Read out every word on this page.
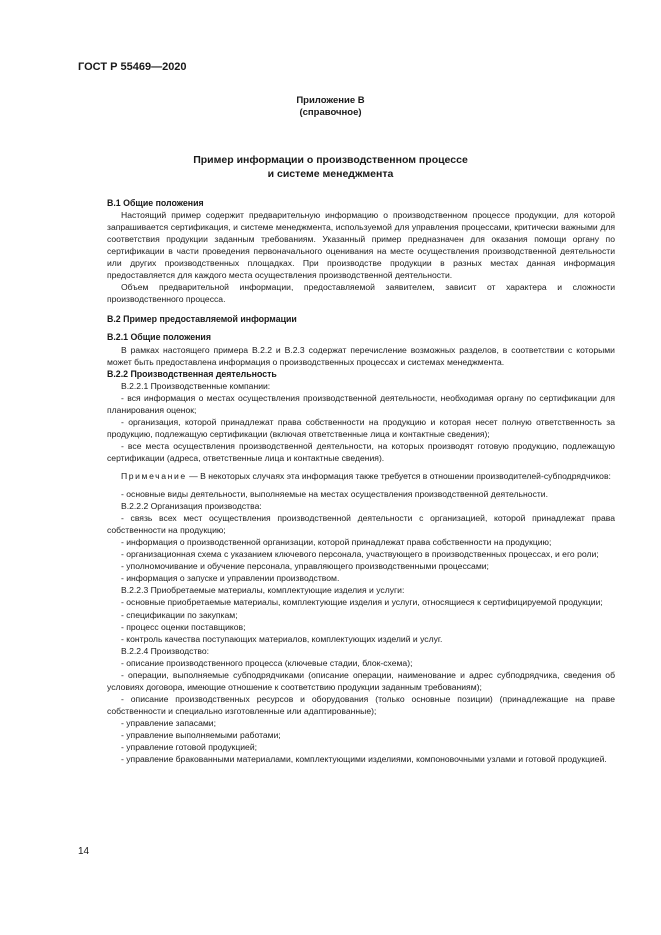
ГОСТ Р 55469—2020
Приложение В
(справочное)
Пример информации о производственном процессе
и системе менеджмента
В.1 Общие положения

Настоящий пример содержит предварительную информацию о производственном процессе продукции, для которой запрашивается сертификация, и системе менеджмента, используемой для управления процессами, критически важными для соответствия продукции заданным требованиям. Указанный пример предназначен для оказания помощи органу по сертификации в части проведения первоначального оценивания на месте осуществления производственной деятельности или других производственных площадках. При производстве продукции в разных местах данная информация предоставляется для каждого места осуществления производственной деятельности.

Объем предварительной информации, предоставляемой заявителем, зависит от характера и сложности производственного процесса.

В.2 Пример предоставляемой информации
В.2.1 Общие положения

В рамках настоящего примера В.2.2 и В.2.3 содержат перечисление возможных разделов, в соответствии с которыми может быть предоставлена информация о производственных процессах и системах менеджмента.

В.2.2 Производственная деятельность

В.2.2.1 Производственные компании:

- вся информация о местах осуществления производственной деятельности, необходимая органу по сертификации для планирования оценок;

- организация, которой принадлежат права собственности на продукцию и которая несет полную ответственность за продукцию, подлежащую сертификации (включая ответственные лица и контактные сведения);

- все места осуществления производственной деятельности, на которых производят готовую продукцию, подлежащую сертификации (адреса, ответственные лица и контактные сведения).

Примечание — В некоторых случаях эта информация также требуется в отношении производителей-субподрядчиков:

- основные виды деятельности, выполняемые на местах осуществления производственной деятельности.

В.2.2.2 Организация производства:

- связь всех мест осуществления производственной деятельности с организацией, которой принадлежат права собственности на продукцию;

- информация о производственной организации, которой принадлежат права собственности на продукцию;

- организационная схема с указанием ключевого персонала, участвующего в производственных процессах, и его роли;

- уполномочивание и обучение персонала, управляющего производственными процессами;

- информация о запуске и управлении производством.

В.2.2.3 Приобретаемые материалы, комплектующие изделия и услуги:

- основные приобретаемые материалы, комплектующие изделия и услуги, относящиеся к сертифицируемой продукции;

- спецификации по закупкам;

- процесс оценки поставщиков;

- контроль качества поступающих материалов, комплектующих изделий и услуг.

В.2.2.4 Производство:

- описание производственного процесса (ключевые стадии, блок-схема);

- операции, выполняемые субподрядчиками (описание операции, наименование и адрес субподрядчика, сведения об условиях договора, имеющие отношение к соответствию продукции заданным требованиям);

- описание производственных ресурсов и оборудования (только основные позиции) (принадлежащие на праве собственности и специально изготовленные или адаптированные);

- управление запасами;

- управление выполняемыми работами;

- управление готовой продукцией;

- управление бракованными материалами, комплектующими изделиями, компоновочными узлами и готовой продукцией.

14
